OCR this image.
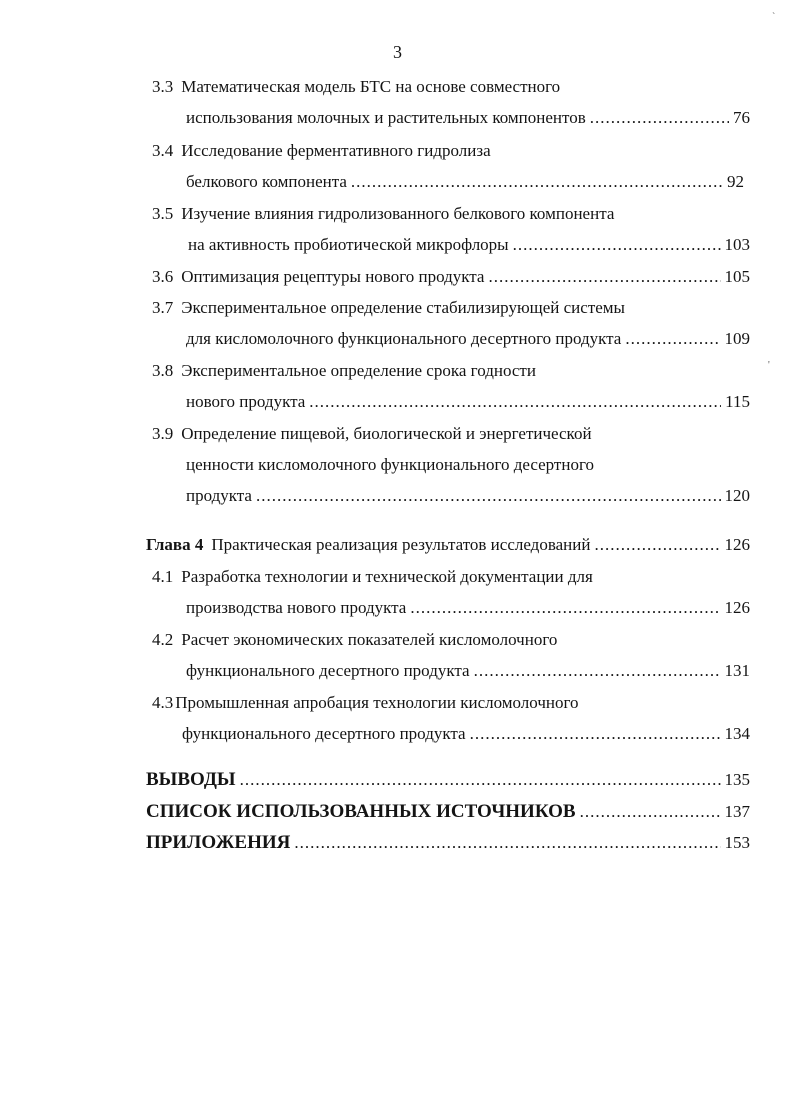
3
3.3 Математическая модель БТС на основе совместного
использования молочных и растительных компонентов .....	76
3.4 Исследование ферментативного гидролиза
белкового компонента .....	92
3.5 Изучение влияния гидролизованного белкового компонента
на активность пробиотической микрофлоры .....	103
3.6 Оптимизация рецептуры нового продукта .....	105
3.7 Экспериментальное определение стабилизирующей системы
для кисломолочного функционального десертного продукта .....	109
3.8 Экспериментальное определение срока годности
нового продукта .....	115
3.9 Определение пищевой, биологической и энергетической
ценности кисломолочного функционального десертного
продукта .....	120
Глава 4 Практическая реализация результатов исследований .....	126
4.1 Разработка технологии и технической документации для
производства нового продукта .....	126
4.2 Расчет экономических показателей кисломолочного
функционального десертного продукта .....	131
4.3 Промышленная апробация технологии кисломолочного
функционального десертного продукта .....	134
ВЫВОДЫ .....	135
СПИСОК ИСПОЛЬЗОВАННЫХ ИСТОЧНИКОВ .....	137
ПРИЛОЖЕНИЯ .....	153
`
'
